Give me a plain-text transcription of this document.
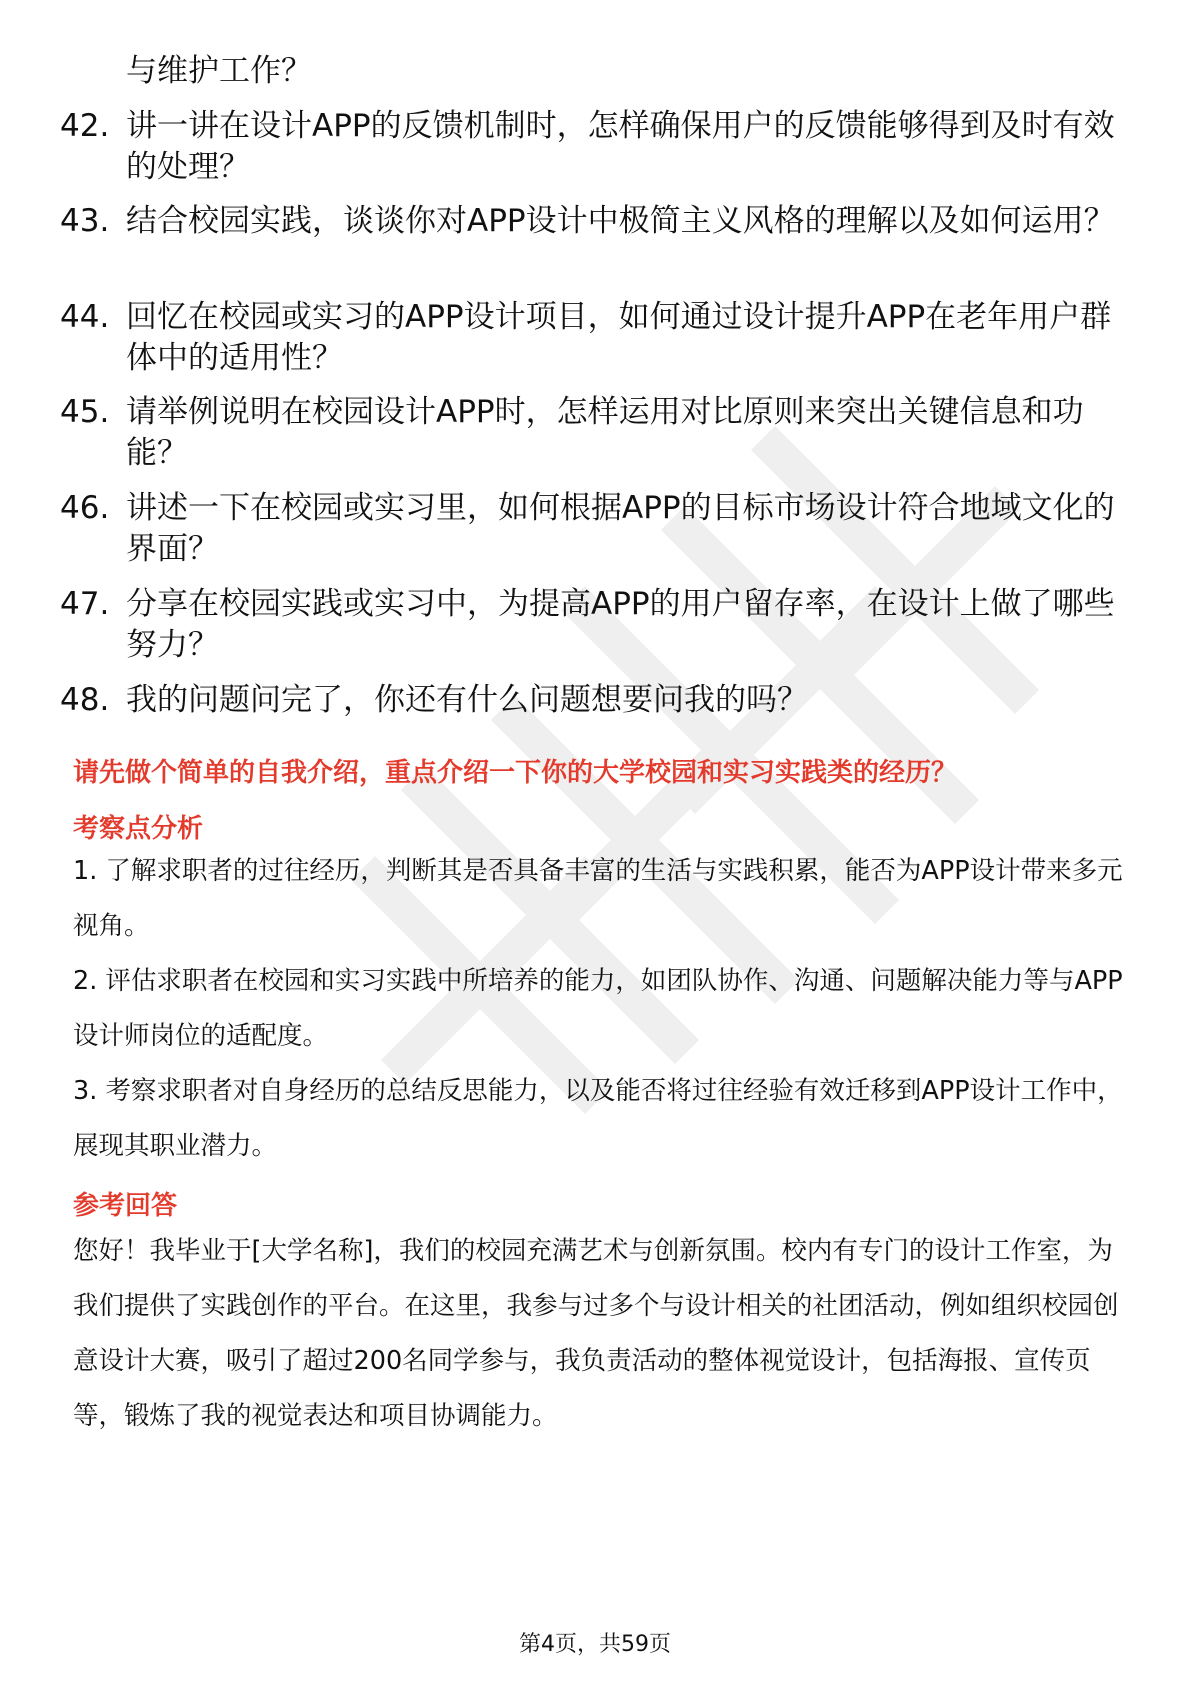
与维护工作？
42. 讲一讲在设计APP的反馈机制时，怎样确保用户的反馈能够得到及时有效的处理？
43. 结合校园实践，谈谈你对APP设计中极简主义风格的理解以及如何运用？
44. 回忆在校园或实习的APP设计项目，如何通过设计提升APP在老年用户群体中的适用性？
45. 请举例说明在校园设计APP时，怎样运用对比原则来突出关键信息和功能？
46. 讲述一下在校园或实习里，如何根据APP的目标市场设计符合地域文化的界面？
47. 分享在校园实践或实习中，为提高APP的用户留存率，在设计上做了哪些努力？
48. 我的问题问完了，你还有什么问题想要问我的吗？
请先做个简单的自我介绍，重点介绍一下你的大学校园和实习实践类的经历？
考察点分析
1. 了解求职者的过往经历，判断其是否具备丰富的生活与实践积累，能否为APP设计带来多元视角。
2. 评估求职者在校园和实习实践中所培养的能力，如团队协作、沟通、问题解决能力等与APP设计师岗位的适配度。
3. 考察求职者对自身经历的总结反思能力，以及能否将过往经验有效迁移到APP设计工作中，展现其职业潜力。
参考回答
您好！我毕业于[大学名称]，我们的校园充满艺术与创新氛围。校内有专门的设计工作室，为我们提供了实践创作的平台。在这里，我参与过多个与设计相关的社团活动，例如组织校园创意设计大赛，吸引了超过200名同学参与，我负责活动的整体视觉设计，包括海报、宣传页等，锻炼了我的视觉表达和项目协调能力。
第4页，共59页
